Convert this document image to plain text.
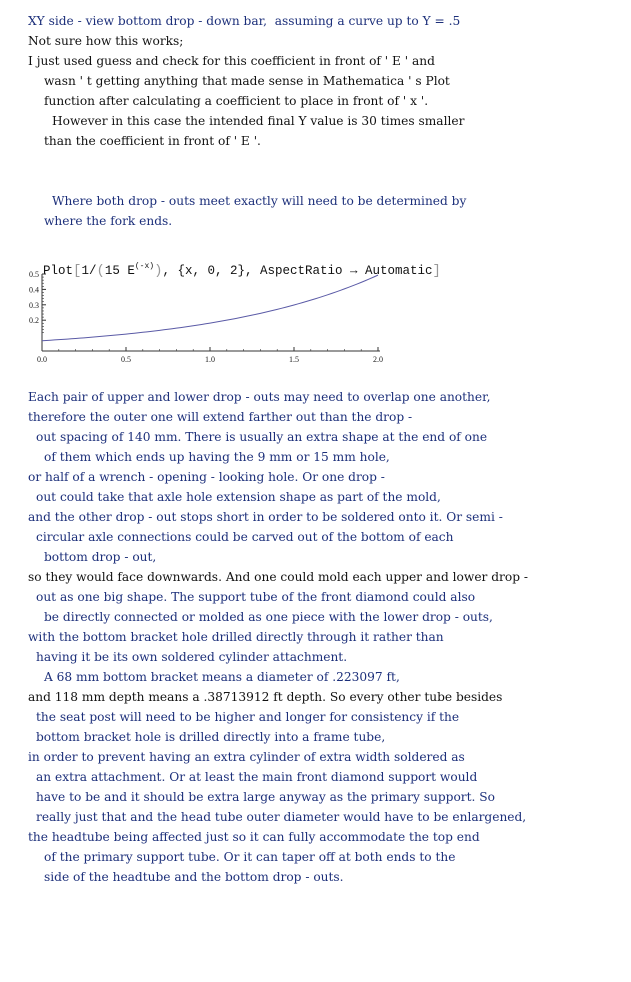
XY side - view bottom drop - down bar,  assuming a curve up to Y = .5
Not sure how this works;
I just used guess and check for this coefficient in front of ' E ' and
wasn ' t getting anything that made sense in Mathematica ' s Plot
function after calculating a coefficient to place in front of ' x '.
However in this case the intended final Y value is 30 times smaller
than the coefficient in front of ' E '.
Where both drop - outs meet exactly will need to be determined by
where the fork ends.

Plot[1/(15 $E^{(-x)}$), {x, 0, 2}, AspectRatio → Automatic]

0.0	0.5	1.0	1.5	2.0
0.5
0.4
0.3
0.2
Each pair of upper and lower drop - outs may need to overlap one another,
therefore the outer one will extend farther out than the drop -
out spacing of 140 mm. There is usually an extra shape at the end of one
of them which ends up having the 9 mm or 15 mm hole,
or half of a wrench - opening - looking hole. Or one drop -
out could take that axle hole extension shape as part of the mold,
and the other drop - out stops short in order to be soldered onto it. Or semi -
circular axle connections could be carved out of the bottom of each
bottom drop - out,
so they would face downwards. And one could mold each upper and lower drop -
out as one big shape. The support tube of the front diamond could also
be directly connected or molded as one piece with the lower drop - outs,
with the bottom bracket hole drilled directly through it rather than
having it be its own soldered cylinder attachment.
A 68 mm bottom bracket means a diameter of .223097 ft,
and 118 mm depth means a .38713912 ft depth. So every other tube besides
the seat post will need to be higher and longer for consistency if the
bottom bracket hole is drilled directly into a frame tube,
in order to prevent having an extra cylinder of extra width soldered as
an extra attachment. Or at least the main front diamond support would
have to be and it should be extra large anyway as the primary support. So
really just that and the head tube outer diameter would have to be enlargened,
the headtube being affected just so it can fully accommodate the top end
of the primary support tube. Or it can taper off at both ends to the
side of the headtube and the bottom drop - outs.
